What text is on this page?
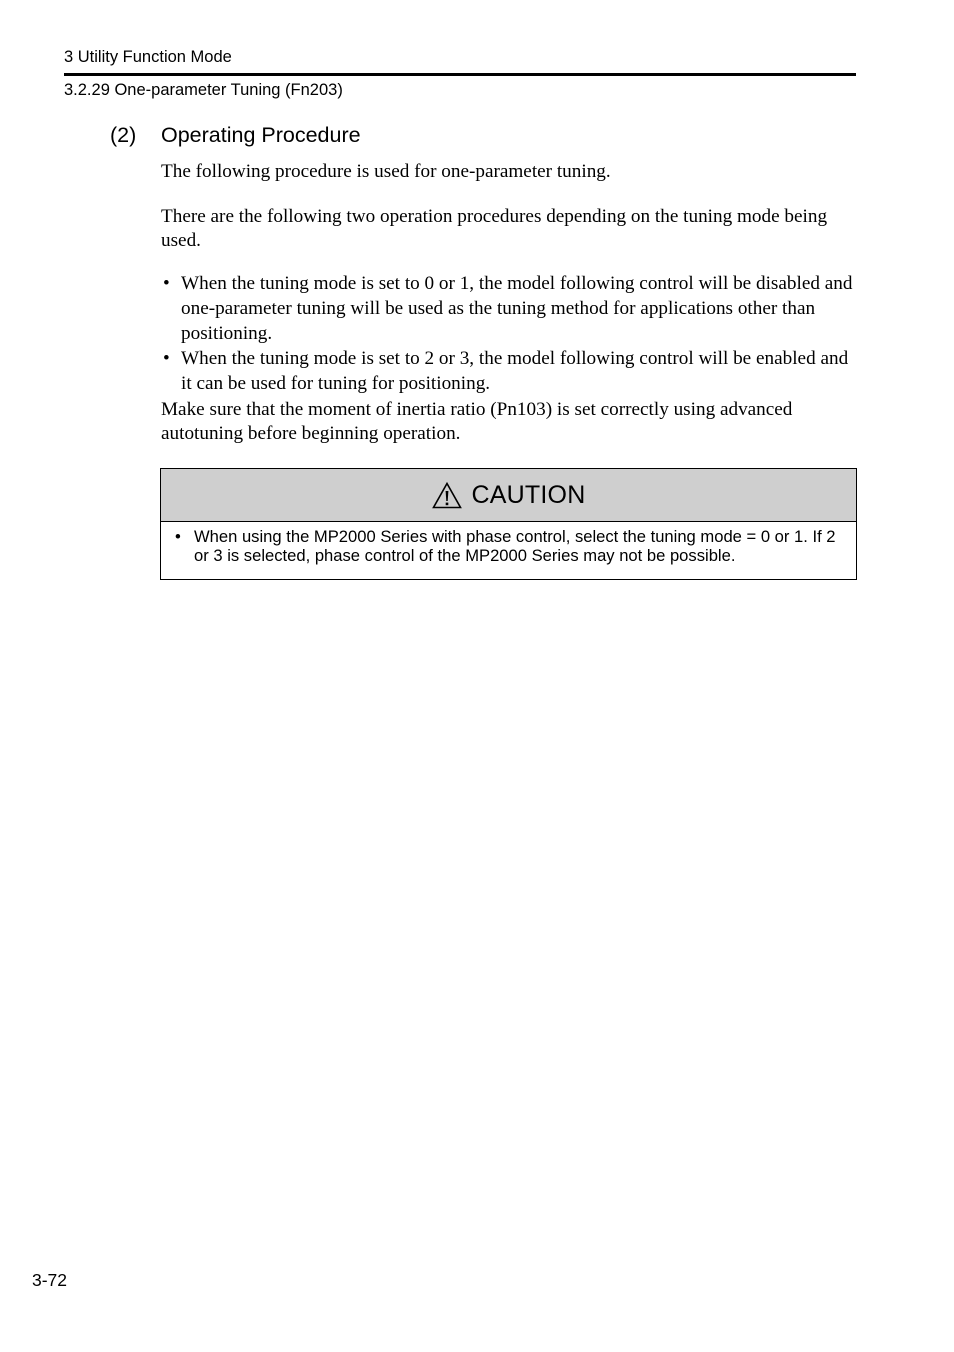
3 Utility Function Mode
3.2.29 One-parameter Tuning (Fn203)
(2) Operating Procedure
The following procedure is used for one-parameter tuning.
There are the following two operation procedures depending on the tuning mode being used.
• When the tuning mode is set to 0 or 1, the model following control will be disabled and one-parameter tuning will be used as the tuning method for applications other than positioning.
• When the tuning mode is set to 2 or 3, the model following control will be enabled and it can be used for tuning for positioning.
Make sure that the moment of inertia ratio (Pn103) is set correctly using advanced autotuning before beginning operation.
CAUTION
• When using the MP2000 Series with phase control, select the tuning mode = 0 or 1. If 2 or 3 is selected, phase control of the MP2000 Series may not be possible.
3-72
